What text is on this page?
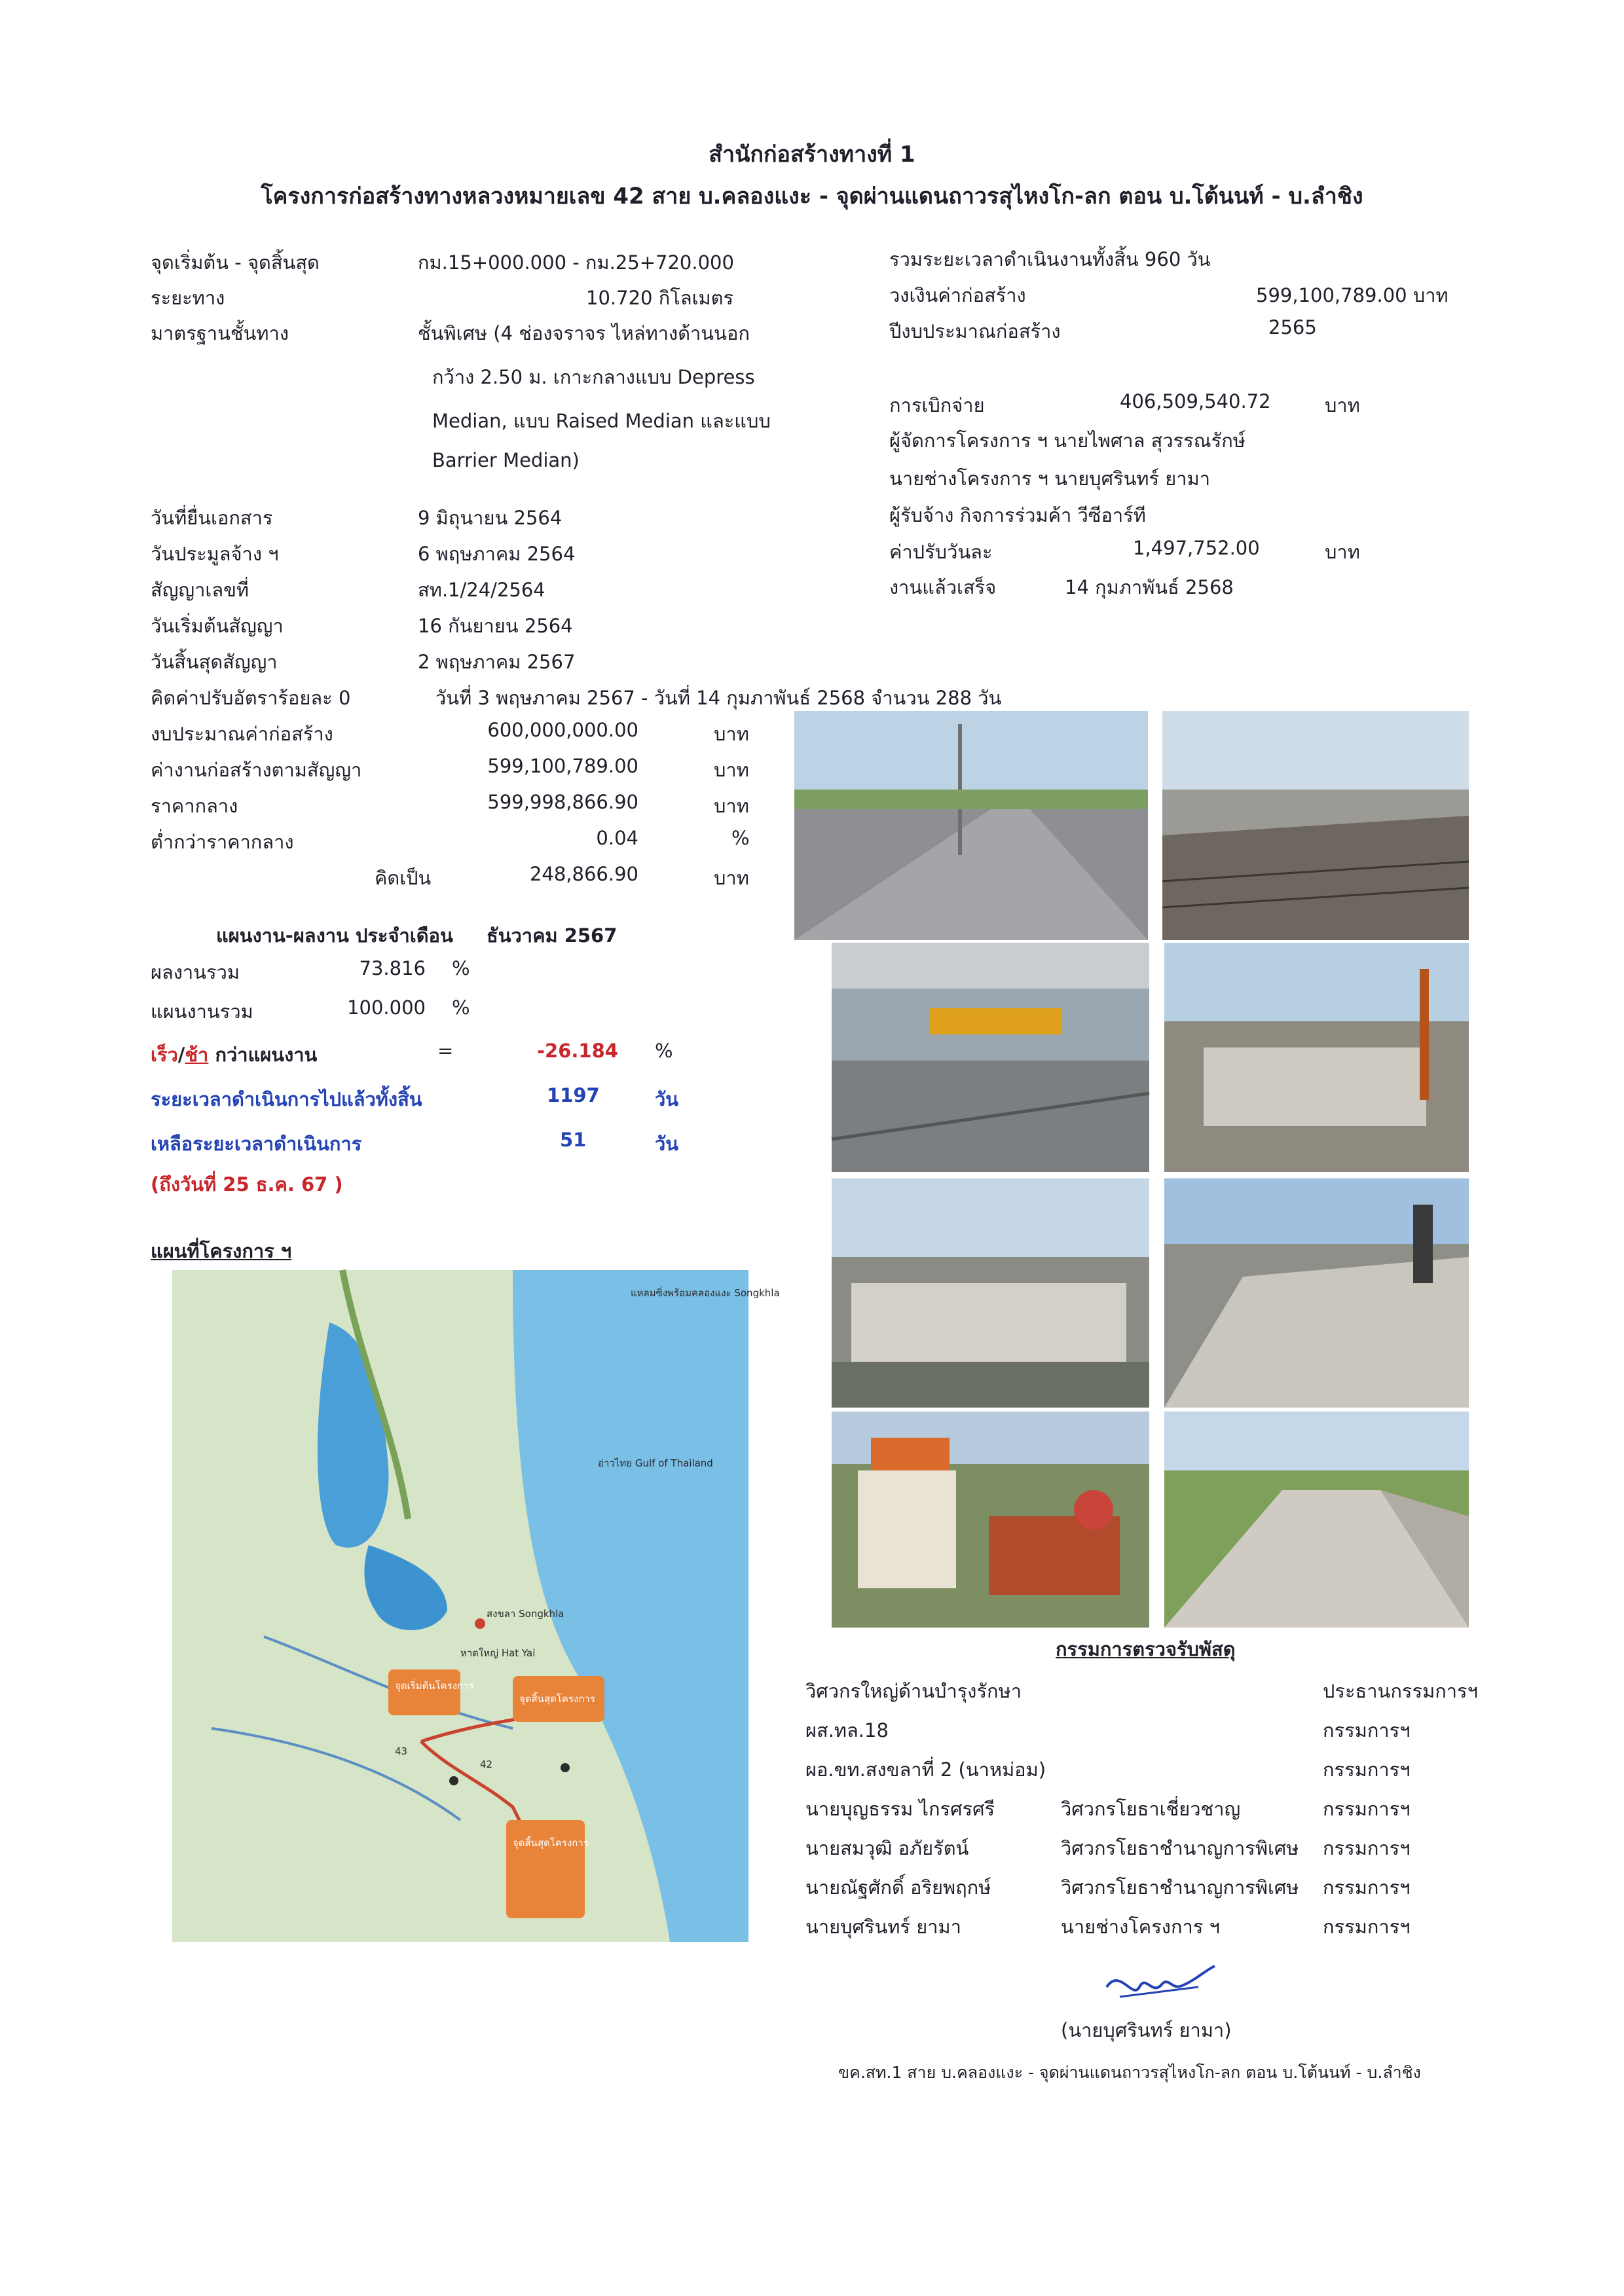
สำนักก่อสร้างทางที่ 1
โครงการก่อสร้างทางหลวงหมายเลข 42 สาย บ.คลองแงะ - จุดผ่านแดนถาวรสุไหงโก-ลก ตอน บ.โต้นนท์ - บ.ลำชิง
จุดเริ่มต้น - จุดสิ้นสุด	กม.15+000.000 - กม.25+720.000
ระยะทาง	10.720 กิโลเมตร
มาตรฐานชั้นทาง	ชั้นพิเศษ (4 ช่องจราจร ไหล่ทางด้านนอก
กว้าง 2.50 ม. เกาะกลางแบบ Depress
Median, แบบ Raised Median และแบบ
Barrier Median)
วันที่ยื่นเอกสาร	9 มิถุนายน 2564
วันประมูลจ้าง ฯ	6 พฤษภาคม 2564
สัญญาเลขที่	สท.1/24/2564
วันเริ่มต้นสัญญา	16 กันยายน 2564
วันสิ้นสุดสัญญา	2 พฤษภาคม 2567
คิดค่าปรับอัตราร้อยละ 0	วันที่ 3 พฤษภาคม 2567 - วันที่ 14 กุมภาพันธ์ 2568 จำนวน 288 วัน
งบประมาณค่าก่อสร้าง	600,000,000.00	บาท
ค่างานก่อสร้างตามสัญญา	599,100,789.00	บาท
ราคากลาง	599,998,866.90	บาท
ต่ำกว่าราคากลาง	0.04	%
คิดเป็น	248,866.90	บาท
รวมระยะเวลาดำเนินงานทั้งสิ้น 960 วัน
วงเงินค่าก่อสร้าง	599,100,789.00 บาท
ปีงบประมาณก่อสร้าง	2565
การเบิกจ่าย	406,509,540.72	บาท
ผู้จัดการโครงการ ฯ นายไพศาล สุวรรณรักษ์
นายช่างโครงการ ฯ นายบุศรินทร์ ยามา
ผู้รับจ้าง กิจการร่วมค้า วีซีอาร์ที
ค่าปรับวันละ	1,497,752.00	บาท
งานแล้วเสร็จ	14 กุมภาพันธ์ 2568
แผนงาน-ผลงาน ประจำเดือน ธันวาคม 2567
ผลงานรวม	73.816 %
แผนงานรวม	100.000 %
เร็ว/ช้า กว่าแผนงาน	=	-26.184 %
ระยะเวลาดำเนินการไปแล้วทั้งสิ้น	1197	วัน
เหลือระยะเวลาดำเนินการ	51	วัน
(ถึงวันที่ 25 ธ.ค. 67 )
แผนที่โครงการ ฯ
แหลมซิ่งพร้อมคลองแงะ Songkhla
อ่าวไทย Gulf of Thailand
สงขลา Songkhla
หาดใหญ่ Hat Yai
จุดเริ่มต้นโครงการ
จุดสิ้นสุดโครงการ
จุดสิ้นสุดโครงการ
42
43
กรรมการตรวจรับพัสดุ
วิศวกรใหญ่ด้านบำรุงรักษา	ประธานกรรมการฯ
ผส.ทล.18	กรรมการฯ
ผอ.ขท.สงขลาที่ 2 (นาหม่อม)	กรรมการฯ
นายบุญธรรม ไกรศรศรี	วิศวกรโยธาเชี่ยวชาญ	กรรมการฯ
นายสมวุฒิ อภัยรัตน์	วิศวกรโยธาชำนาญการพิเศษ กรรมการฯ
นายณัฐศักดิ์ อริยพฤกษ์	วิศวกรโยธาชำนาญการพิเศษ กรรมการฯ
นายบุศรินทร์ ยามา	นายช่างโครงการ ฯ	กรรมการฯ
(นายบุศรินทร์ ยามา)
ขค.สท.1 สาย บ.คลองแงะ - จุดผ่านแดนถาวรสุไหงโก-ลก ตอน บ.โต้นนท์ - บ.ลำชิง
